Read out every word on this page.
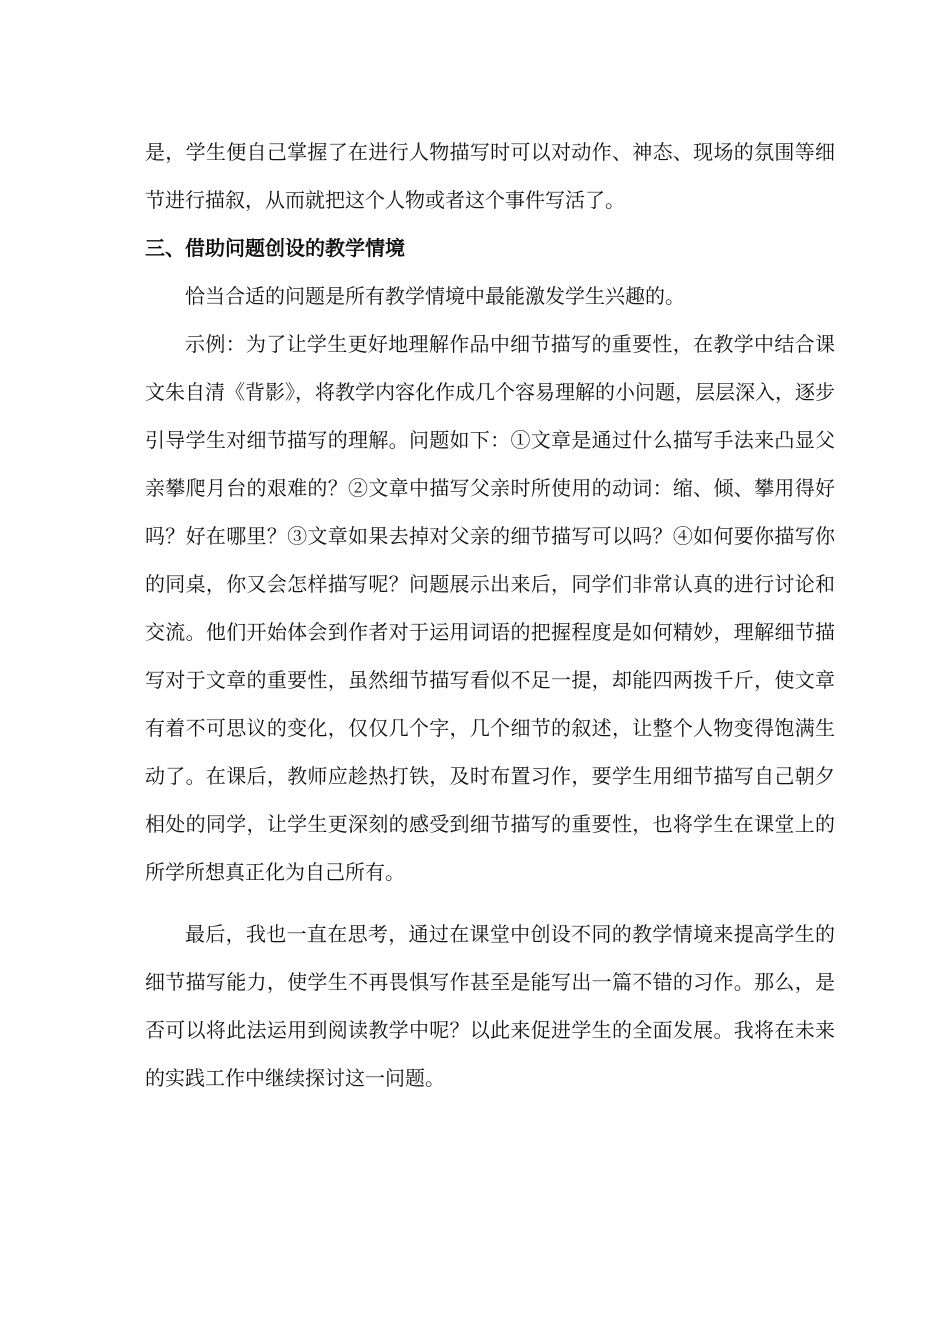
是，学生便自己掌握了在进行人物描写时可以对动作、神态、现场的氛围等细节进行描叙，从而就把这个人物或者这个事件写活了。

三、借助问题创设的教学情境

恰当合适的问题是所有教学情境中最能激发学生兴趣的。

示例：为了让学生更好地理解作品中细节描写的重要性，在教学中结合课文朱自清《背影》，将教学内容化作成几个容易理解的小问题，层层深入，逐步引导学生对细节描写的理解。问题如下：①文章是通过什么描写手法来凸显父亲攀爬月台的艰难的？②文章中描写父亲时所使用的动词：缩、倾、攀用得好吗？好在哪里？③文章如果去掉对父亲的细节描写可以吗？④如何要你描写你的同桌，你又会怎样描写呢？问题展示出来后，同学们非常认真的进行讨论和交流。他们开始体会到作者对于运用词语的把握程度是如何精妙，理解细节描写对于文章的重要性，虽然细节描写看似不足一提，却能四两拨千斤，使文章有着不可思议的变化，仅仅几个字，几个细节的叙述，让整个人物变得饱满生动了。在课后，教师应趁热打铁，及时布置习作，要学生用细节描写自己朝夕相处的同学，让学生更深刻的感受到细节描写的重要性，也将学生在课堂上的所学所想真正化为自己所有。

最后，我也一直在思考，通过在课堂中创设不同的教学情境来提高学生的细节描写能力，使学生不再畏惧写作甚至是能写出一篇不错的习作。那么，是否可以将此法运用到阅读教学中呢？以此来促进学生的全面发展。我将在未来的实践工作中继续探讨这一问题。
